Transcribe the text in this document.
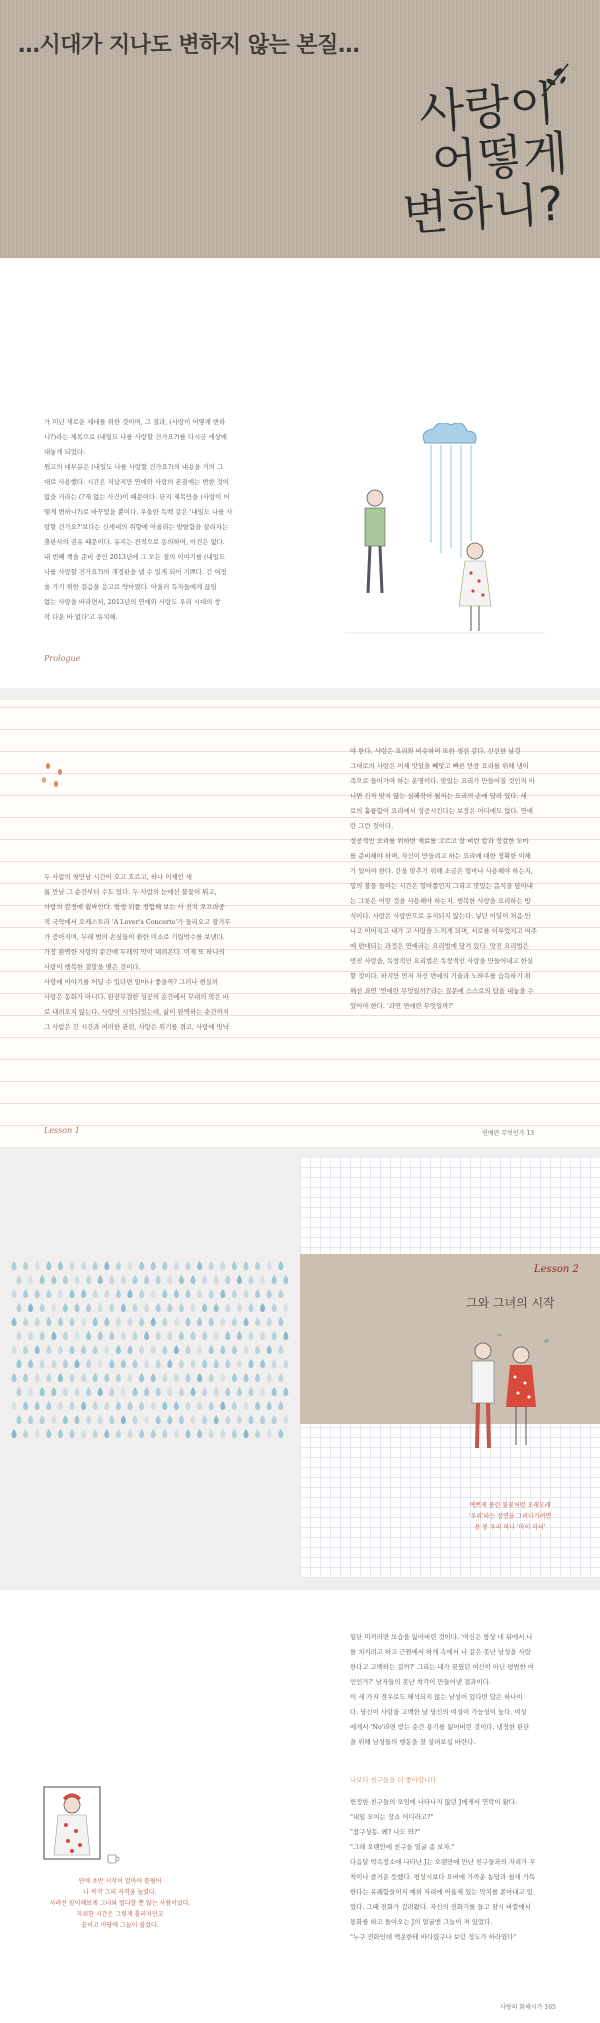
…시대가 지나도 변하지 않는 본질…
사랑이
어떻게
변하니?
가 미년 새로운 세대를 위한 것이며, 그 결과, (사랑이 어떻게 변하
니?)라는 제목으로 (내일도 나를 사랑할 건가요?)를 다시금 세상에
내놓게 되었다.
원고의 대부분은 (내일도 나를 사랑할 건가요?)의 내용을 거의 그
대로 사용했다. 시간은 지났지만 연애와 사랑의 본질에는 변한 것이
없을 거라는 (?게 없는 사건)이 때문이다. 단지 제목만을 (사랑이 어
떻게 변하니?)로 바꾸었을 뿐이다. 우울한 독백 같은 '내일도 나를 사
랑할 건가요?'보다는 신세대의 취향에 어울리는 발랄함을 살리자는
출판사의 권유 때문이다. 유지는 전적으로 동의하며, 이견은 없다.
내 번째 책을 준비 중인 2013년에 그 모든 절의 이야기를 (내일도
나를 사랑할 건가요?)의 개정판을 낼 수 있게 되어 기쁘다. 긴 여정
을 가기 위한 걸음을 응고로 약마였다. 아울러 독자들에게 끊임
없는 사랑을 바라면서, 2013년의 연애와 사랑도 우리 시대의 창
작 다운 바 없다'고 유치해.
Prologue
두 사람의 첫만남 시간이 오고 흐르고, 하나 이제인 새
롭 만남 그 순간부터 수도 있다. 두 사람의 눈에선 불꽃이 튀고,
사랑의 감정에 휩싸인다. 평생 되풀 경험해 보는 사 진지 오프라중
적 국악에서 오케스트라 'A Lover's Concerto'가 들리오고 잘가무
가 증아지며, 두래 범의 손실들이 환한 미소로 기립박수를 보낸다.
가장 완벽한 사랑의 순간에 두래의 막이 내려온다. 이제 또 하나의
사랑이 행복한 결말을 맺은 것이다.
사랑에 이야기를 어딜 수 있다면 얼마나 좋을까? 그러나 현실의
사랑은 동화가 아니다. 완전무결한 성공의 순간에서 무대의 막은 바
로 내려오지 않는다. 사랑이 시작되었는데, 삶이 완벽하는 순간까지
그 사람은 긴 시간과 여러한 관련, 사랑은 위기를 겪고, 사랑에 빗낙
야 한다. 사랑은 요리와 비슷하며 또한 생선 같다. 신선한 날것
그대로의 사랑은 이제 맛있을 빼앗고 빠른 만큼 요리를 위해 냉이
즉으로 들어가야 하는 운명이다. 맛있는 요리가 만들어질 것인지 아
니면 긴자 맞지 않는 실패작이 될지는 요리의 손에 달려 있다. 새
로의 훌륭함이 요리에서 성공시킨다는 보장은 어디에도 없다. 연애
란 그런 것이다.
성공적인 요리를 위하면 재료를 고르고 잘 벼린 칼과 정갈한 도마
를 준비해야 하며, 자신이 만들려고 하는 요리에 대한 정확한 이해
가 있어야 한다. 간을 맞추기 위해 소금은 얼마나 사용해야 하는지,
밀의 불을 들이는 시간은 얼마쯤인지 그리고 맛있는 음식을 담아내
는 그릇은 어떤 것을 사용해야 하는지. 행복한 사랑을 요리하는 방
식이다. 사랑은 사랑만으로 유지되지 않는다. 넣던 어딜이 처음 만
나고 이어지고 내가 고 사랑을 느끼게 되며, 서로를 이루었지고 여주
에 편대되는 과정은 연애라는 요리법에 담겨 있다. 맛진 요리법은
멋진 사랑을, 독창적인 요리법은 독창적인 사랑을 만들어내고 한실
할 것이다. 하지만 먼저 자신 면에의 기술과 노하우를 습득하기 위
해선 과연 '연애란 무엇일까?'라는 질문에 스스로의 답을 내놓을 수
있어야 한다. '과연 연애란 무엇일까?'
Lesson 1	연애란 무엇인가 13
Lesson 2
그와 그녀의 시작
예쁘게 풀린 불꽃처럼 오래오래
'우리'라는 장면을 그려나가려면
용 봉 우리 하나 '마이 마녀'
일단 미끼러면 모습을 잃어버린 것이다. '여신은 항상 네 뒤에서 나
를 치키려고 하고 근원에서 하게 속에서 나 같은 못난 남성을 사랑
한다고 고백하는 걸까?' 그리는 내가 꿈꿨던 여신이 아닌 평범한 여
인인가?' 남자들의 못난 착각이 만들어낸 결과이다.
이 세 가지 경우로도 해석되지 않는 남성이 있다면 답은 하나이
다. 당신이 사랑을 고백한 날 당신의 여성이 가능성이 높다. 여성
에게서 'No'라면 받는 순간 용기를 잃어버린 것이다. 냉정한 판단
을 위해 남성들의 행동을 잘 살펴보십 바란다.
나보다 친구들을 더 좋아합니다
헌정한 친구들의 모임에 나타나지 않던 J에게서 연락이 왔다.
"내일 모이는 장소 어디라고?"
"참구성동. 왜? 나도 와?"
"그래 오랜만에 친구들 얼굴 좀 보자."
다음달 약속장소에 나타난 J는 오랜만에 만난 친구들과의 자리가 무
척이나 즐거운 듯했다. 평상시보다 오버에 가까운 농담과 쉴새 가득
한다는 유쾌함들이지 예외 자리에 어울제 있는 막치를 쏟아내고 있
었다. 그때 전화가 걸려왔다. 자신의 전화기를 들고 잠시 바깥에서
통화를 하고 돌아오는 J의 얼굴엔 그늘이 져 있었다.
"누구 전화인데 액운한테 바다렸구나 보던 정도가 하라였다"
연애 초반 시작이 얼마어 틀림어
나 복작 그의 자격을 높였다.
사려선 암이해보게 그녀와 멀다할 뿐 않는 사람이었다.
자쉬한 시간은 그렇게 흘러지던고
끝이고 마당에 그늘이 불었다.
사랑의 화해시가 165
